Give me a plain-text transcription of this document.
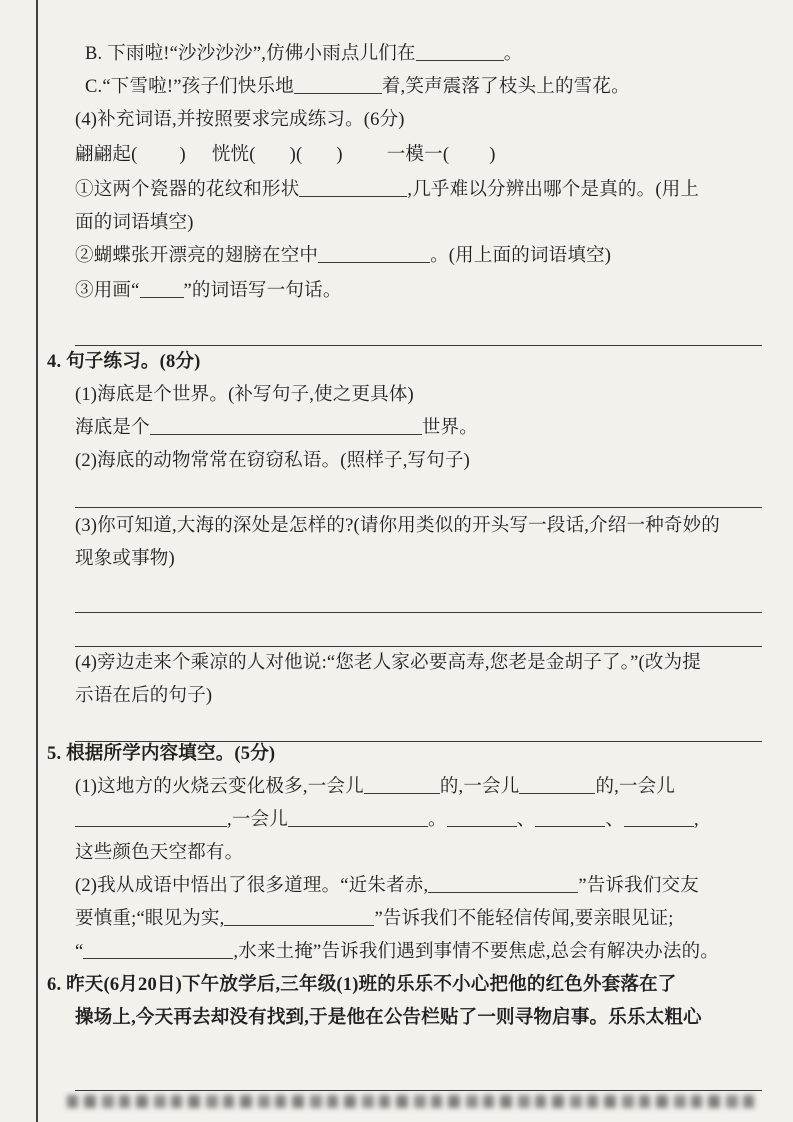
B. 下雨啦!“沙沙沙沙”,仿佛小雨点儿们在	。
C.“下雪啦!”孩子们快乐地	着,笑声震落了枝头上的雪花。
(4)补充词语,并按照要求完成练习。(6分)
翩翩起( ) 恍恍( )( ) 一模一( )
①这两个瓷器的花纹和形状	,几乎难以分辨出哪个是真的。(用上
面的词语填空)
②蝴蝶张开漂亮的翅膀在空中	。(用上面的词语填空)
③用画“ ”的词语写一句话。
4. 句子练习。(8分)
(1)海底是个世界。(补写句子,使之更具体)
海底是个	世界。
(2)海底的动物常常在窃窃私语。(照样子,写句子)
(3)你可知道,大海的深处是怎样的?(请你用类似的开头写一段话,介绍一种奇妙的
现象或事物)
(4)旁边走来个乘凉的人对他说:“您老人家必要高寿,您老是金胡子了。”(改为提
示语在后的句子)
5. 根据所学内容填空。(5分)
(1)这地方的火烧云变化极多,一会儿	的,一会儿	的,一会儿
,一会儿	。	、	、	,
这些颜色天空都有。
(2)我从成语中悟出了很多道理。“近朱者赤,	”告诉我们交友
要慎重;“眼见为实,	”告诉我们不能轻信传闻,要亲眼见证;
“	,水来土掩”告诉我们遇到事情不要焦虑,总会有解决办法的。
6. 昨天(6月20日)下午放学后,三年级(1)班的乐乐不小心把他的红色外套落在了
操场上,今天再去却没有找到,于是他在公告栏贴了一则寻物启事。乐乐太粗心
